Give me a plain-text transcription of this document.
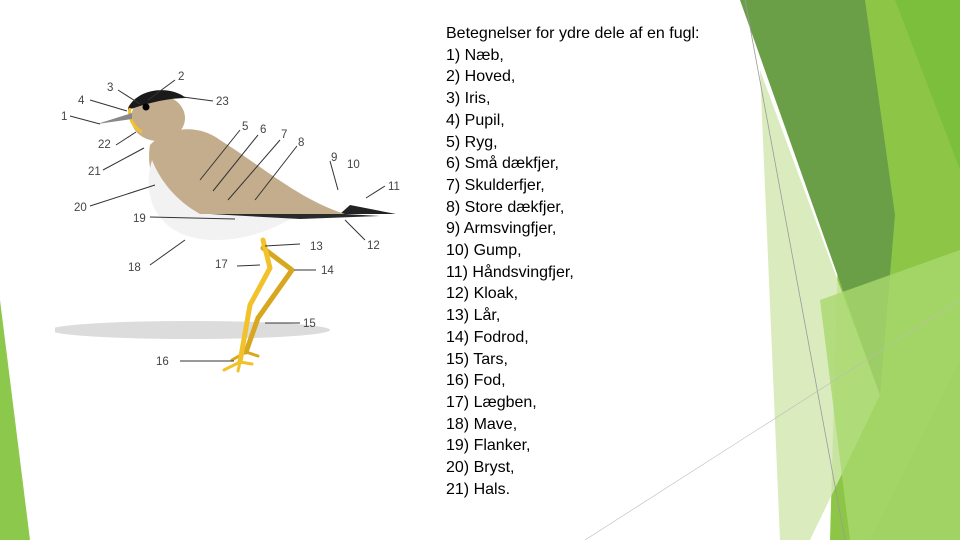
1
2
3
4
5 6 7
8
9
10
11
12
13
14
15
16
17
18
19
20
21
22
23
Betegnelser for ydre dele af en fugl:
1) Næb,
2) Hoved,
3) Iris,
4) Pupil,
5) Ryg,
6) Små dækfjer,
7) Skulderfjer,
8) Store dækfjer,
9) Armsvingfjer,
10) Gump,
11) Håndsvingfjer,
12) Kloak,
13) Lår,
14) Fodrod,
15) Tars,
16) Fod,
17) Lægben,
18) Mave,
19) Flanker,
20) Bryst,
21) Hals.
